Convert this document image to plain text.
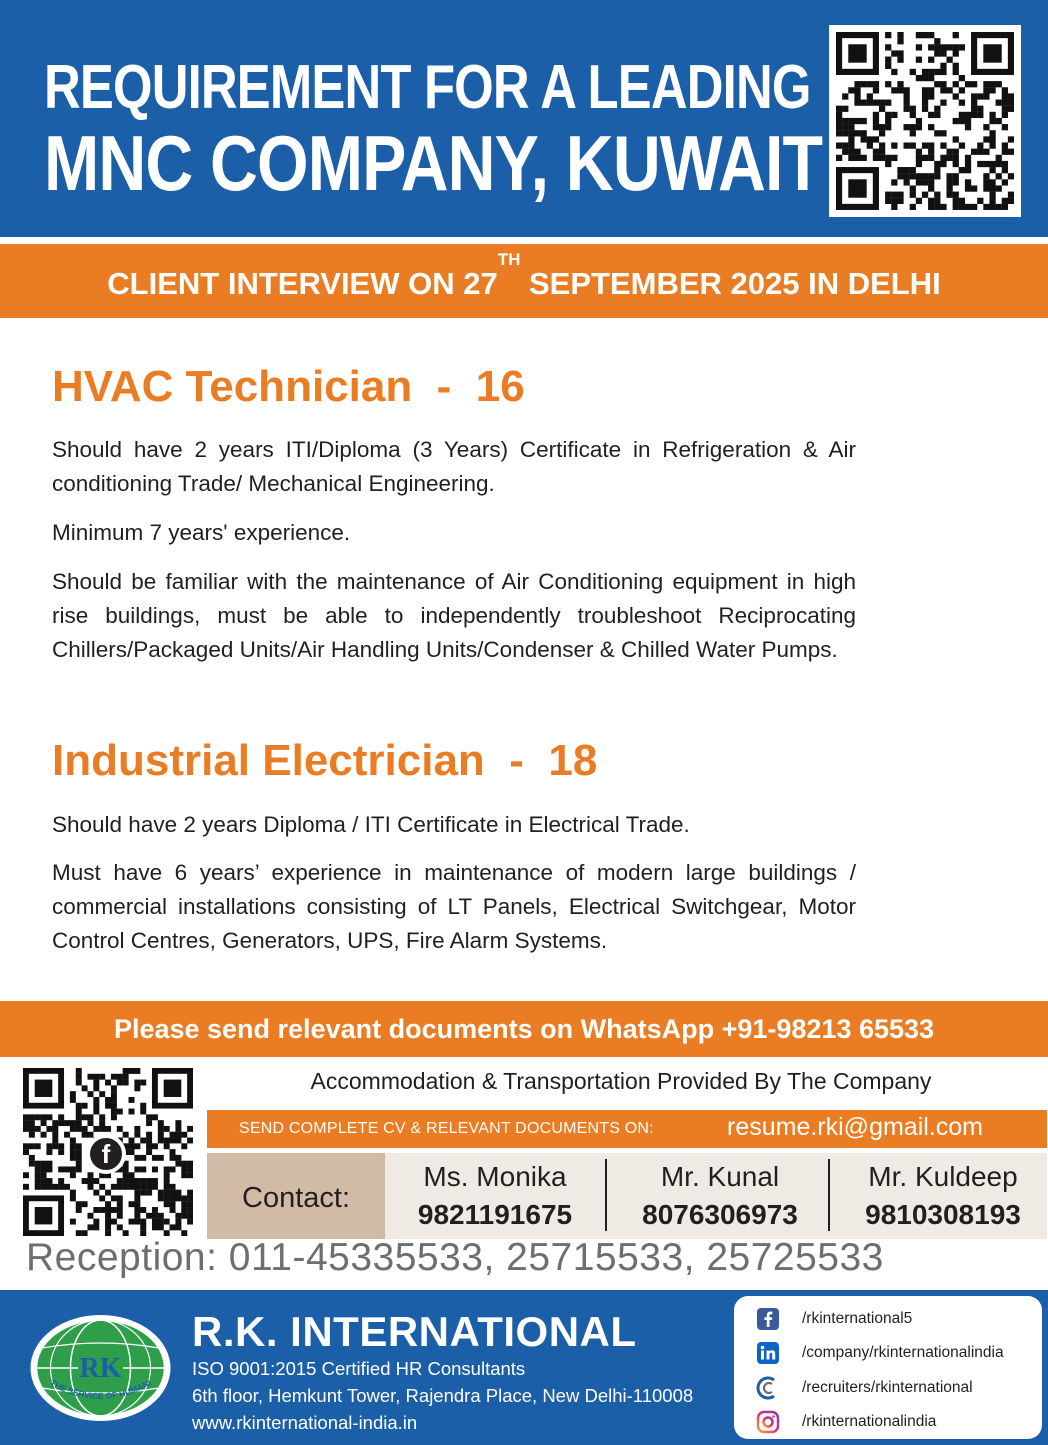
REQUIREMENT FOR A LEADING
MNC COMPANY, KUWAIT
CLIENT INTERVIEW ON 27TH SEPTEMBER 2025 IN DELHI
HVAC Technician  -  16
Should have 2 years ITI/Diploma (3 Years) Certificate in Refrigeration & Air conditioning Trade/ Mechanical Engineering.
Minimum 7 years' experience.
Should be familiar with the maintenance of Air Conditioning equipment in high rise buildings, must be able to independently troubleshoot Reciprocating Chillers/Packaged Units/Air Handling Units/Condenser & Chilled Water Pumps.
Industrial Electrician  -  18
Should have 2 years Diploma / ITI Certificate in Electrical Trade.
Must have 6 years’ experience in maintenance of modern large buildings / commercial installations consisting of LT Panels, Electrical Switchgear, Motor Control Centres, Generators, UPS, Fire Alarm Systems.
Please send relevant documents on WhatsApp +91-98213 65533
f
Accommodation & Transportation Provided By The Company
SEND COMPLETE CV & RELEVANT DOCUMENTS ON:	resume.rki@gmail.com
Contact:
Ms. Monika
9821191675
Mr. Kunal
8076306973
Mr. Kuldeep
9810308193
Reception: 011-45335533, 25715533, 25725533
RK
THE SERVICE OF HUMANI
R.K. INTERNATIONAL
ISO 9001:2015 Certified HR Consultants
6th floor, Hemkunt Tower, Rajendra Place, New Delhi-110008
www.rkinternational-india.in
/rkinternational5
/company/rkinternationalindia
/recruiters/rkinternational
/rkinternationalindia
